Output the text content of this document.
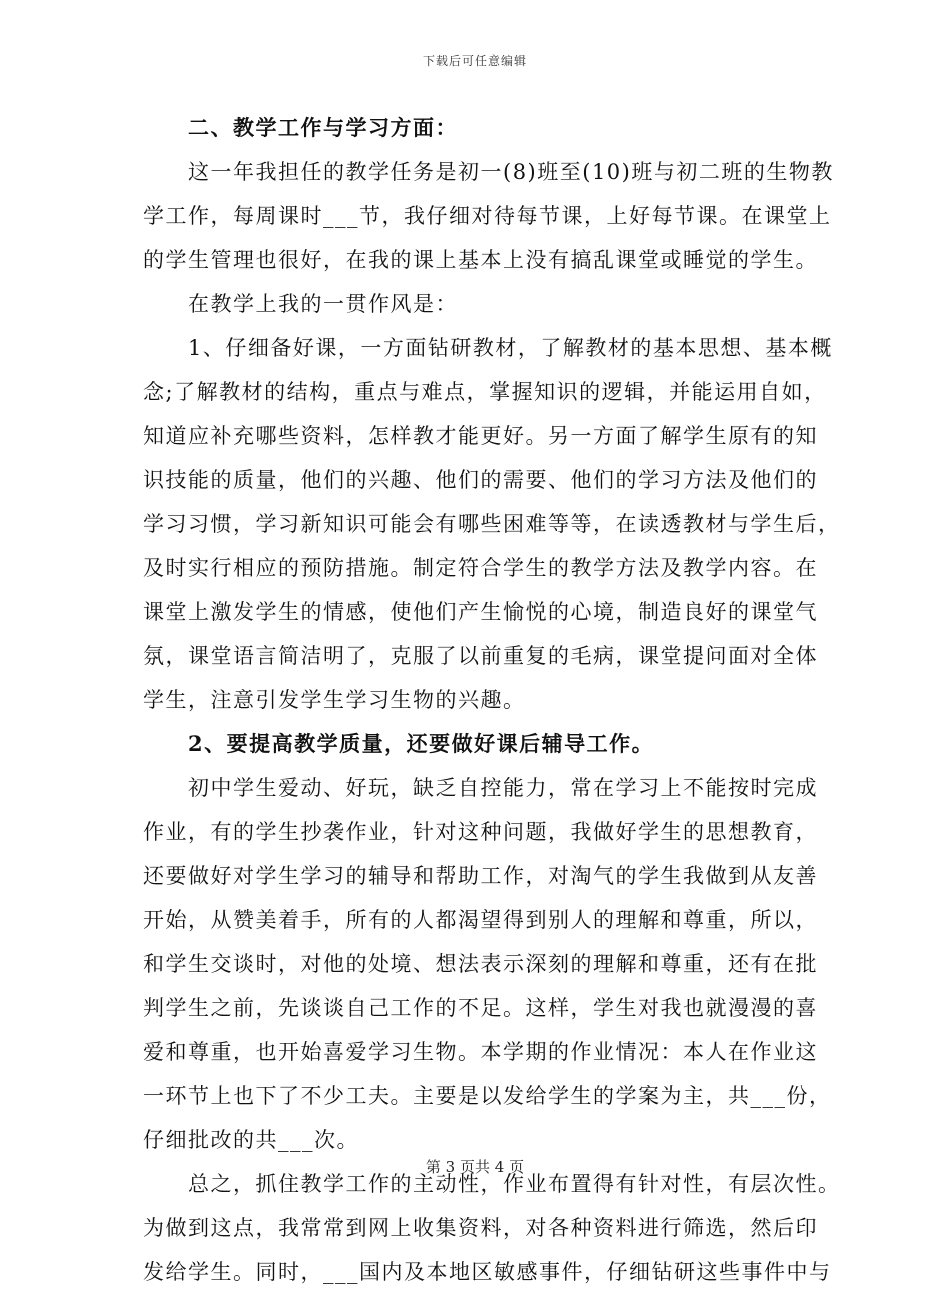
下载后可任意编辑
二、教学工作与学习方面：
这一年我担任的教学任务是初一(8)班至(10)班与初二班的生物教
学工作，每周课时___节，我仔细对待每节课，上好每节课。在课堂上
的学生管理也很好，在我的课上基本上没有搞乱课堂或睡觉的学生。
在教学上我的一贯作风是：
1、仔细备好课，一方面钻研教材，了解教材的基本思想、基本概
念;了解教材的结构，重点与难点，掌握知识的逻辑，并能运用自如，
知道应补充哪些资料，怎样教才能更好。另一方面了解学生原有的知
识技能的质量，他们的兴趣、他们的需要、他们的学习方法及他们的
学习习惯，学习新知识可能会有哪些困难等等，在读透教材与学生后，
及时实行相应的预防措施。制定符合学生的教学方法及教学内容。在
课堂上激发学生的情感，使他们产生愉悦的心境，制造良好的课堂气
氛，课堂语言简洁明了，克服了以前重复的毛病，课堂提问面对全体
学生，注意引发学生学习生物的兴趣。
2、要提高教学质量，还要做好课后辅导工作。
初中学生爱动、好玩，缺乏自控能力，常在学习上不能按时完成
作业，有的学生抄袭作业，针对这种问题，我做好学生的思想教育，
还要做好对学生学习的辅导和帮助工作，对淘气的学生我做到从友善
开始，从赞美着手，所有的人都渴望得到别人的理解和尊重，所以，
和学生交谈时，对他的处境、想法表示深刻的理解和尊重，还有在批
判学生之前，先谈谈自己工作的不足。这样，学生对我也就漫漫的喜
爱和尊重，也开始喜爱学习生物。本学期的作业情况：本人在作业这
一环节上也下了不少工夫。主要是以发给学生的学案为主，共___份，
仔细批改的共___次。
总之，抓住教学工作的主动性，作业布置得有针对性，有层次性。
为做到这点，我常常到网上收集资料，对各种资料进行筛选，然后印
发给学生。同时，___国内及本地区敏感事件，仔细钻研这些事件中与
第 3 页共 4 页
